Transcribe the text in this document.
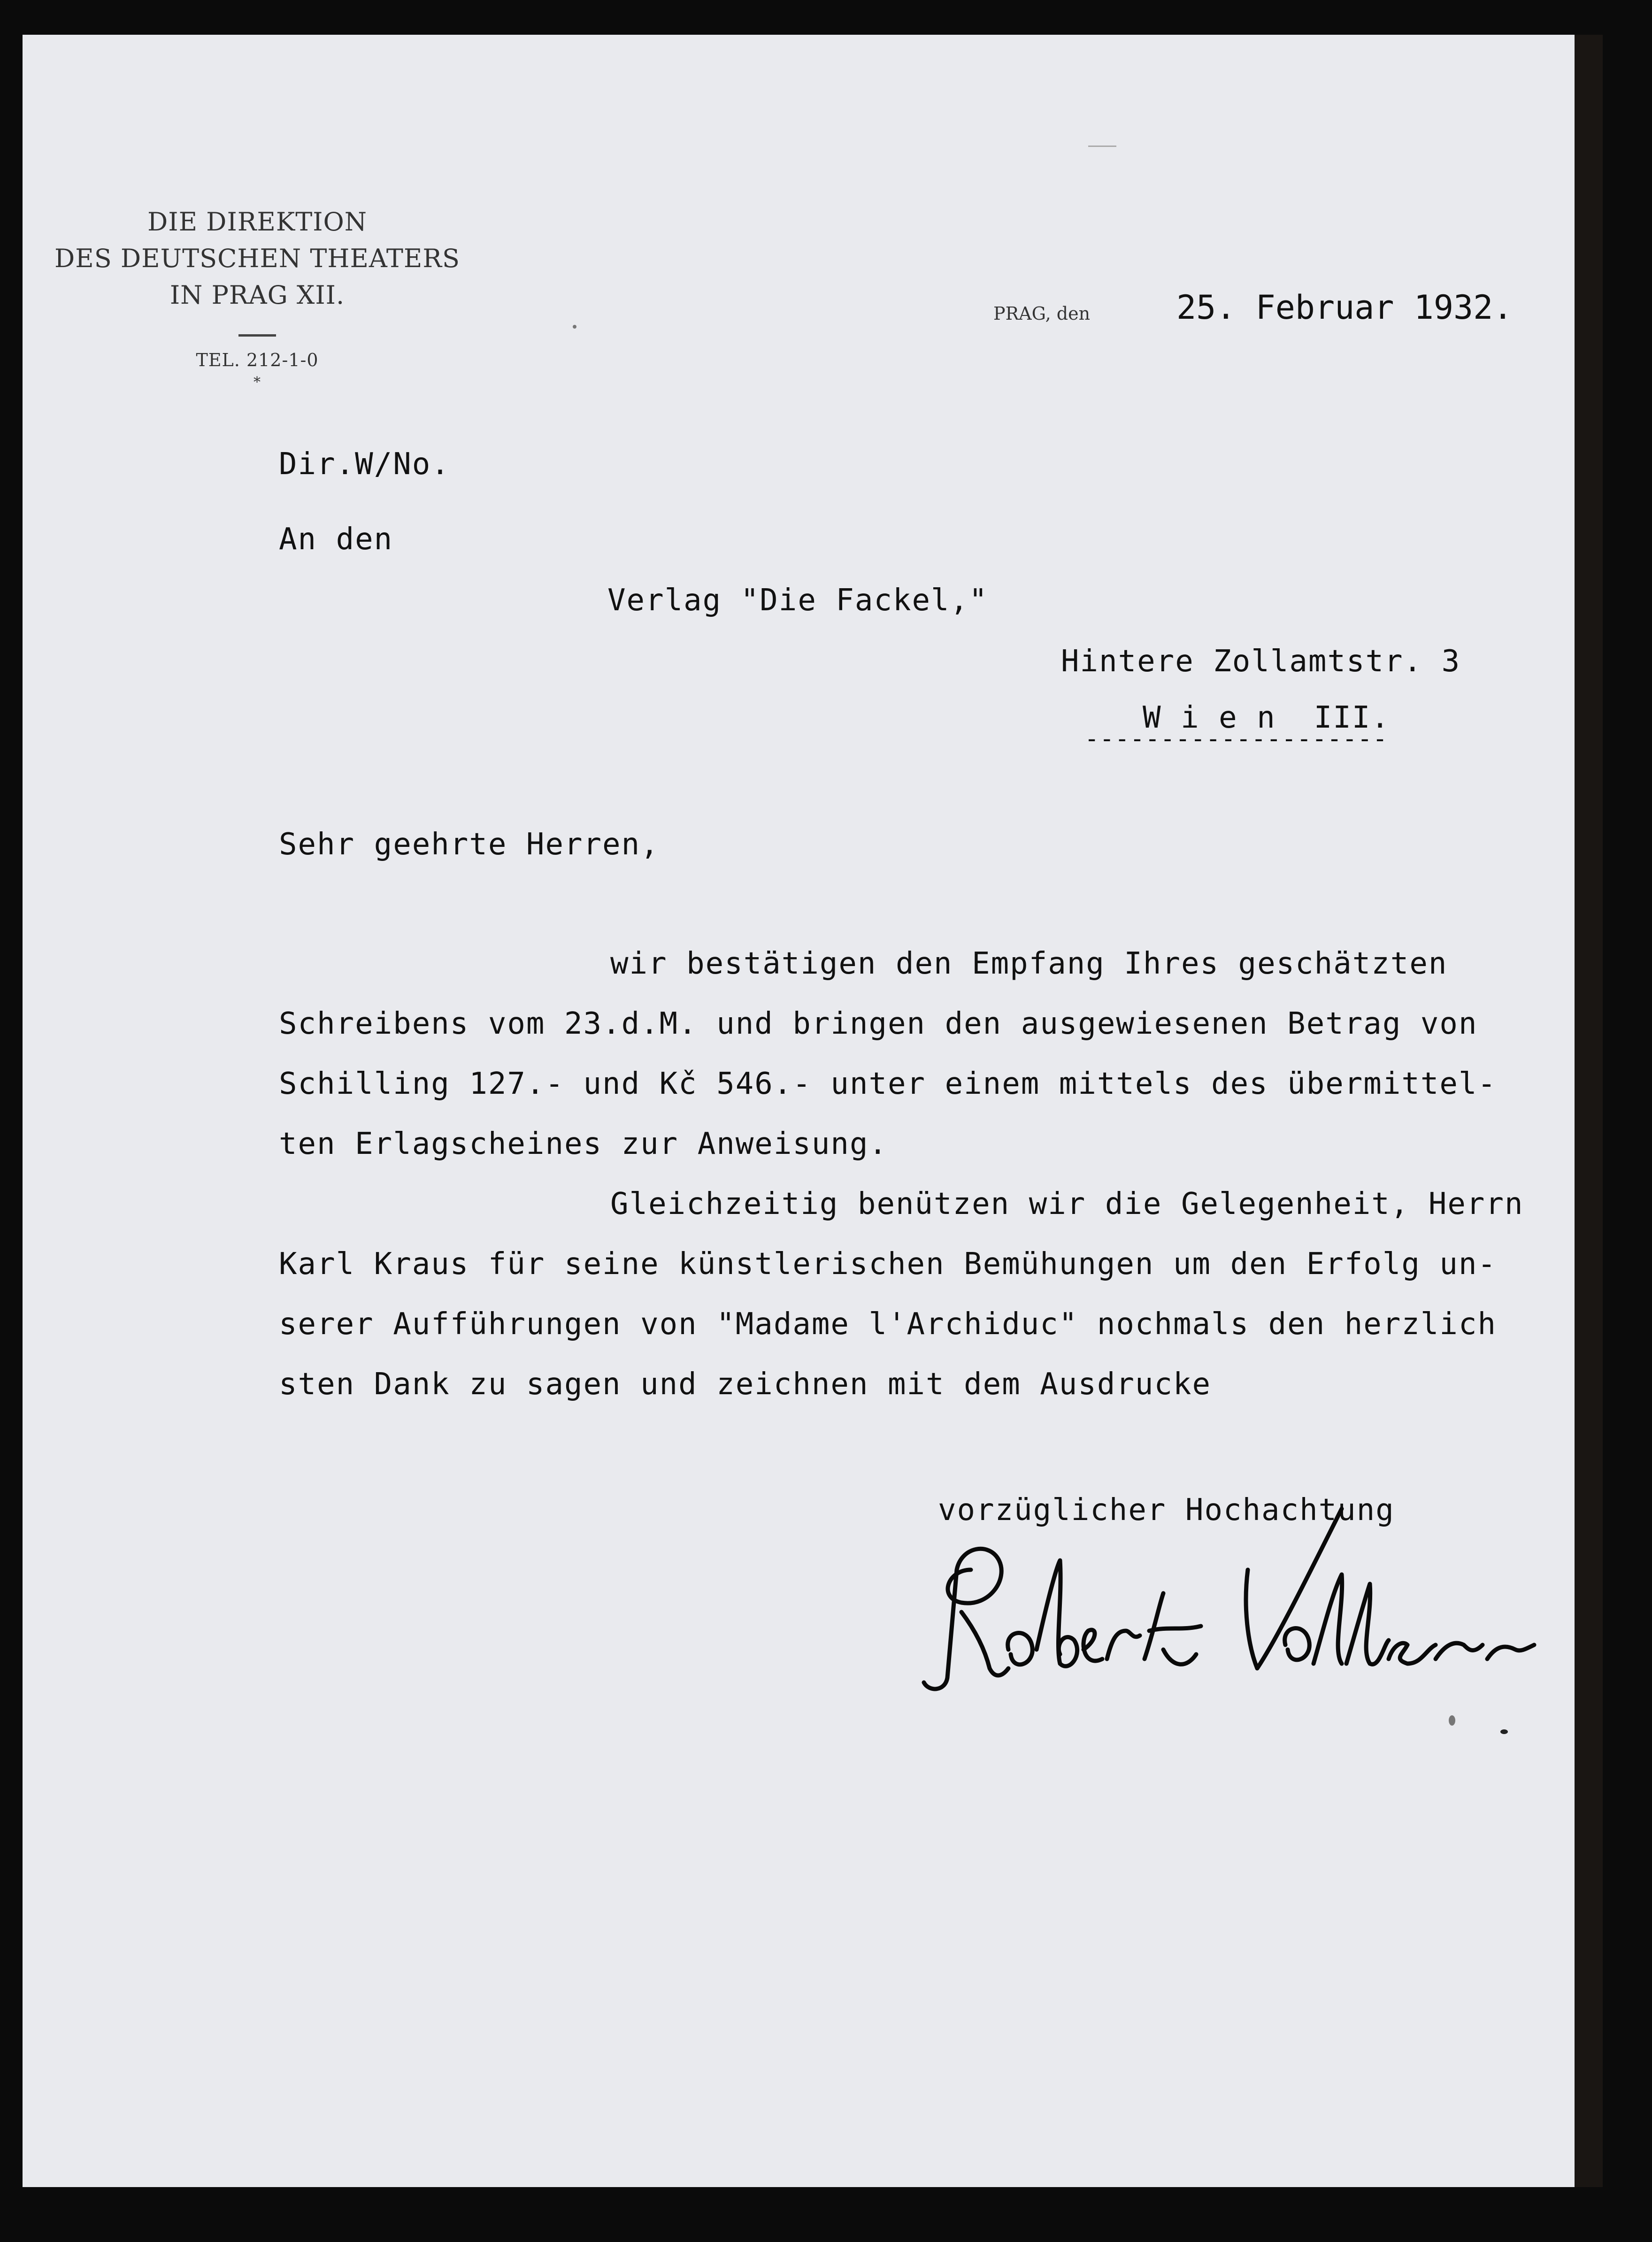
DIE DIREKTION
DES DEUTSCHEN THEATERS
IN PRAG XII.
TEL. 212-1-0
*
PRAG, den	25. Februar 1932.
Dir.W/No.
An den
Verlag "Die Fackel,"
Hintere Zollamtstr. 3
W i e n  III.
--------------------
Sehr geehrte Herren,
wir bestätigen den Empfang Ihres geschätzten
Schreibens vom 23.d.M. und bringen den ausgewiesenen Betrag von
Schilling 127.- und Kč 546.- unter einem mittels des übermittel-
ten Erlagscheines zur Anweisung.
Gleichzeitig benützen wir die Gelegenheit, Herrn
Karl Kraus für seine künstlerischen Bemühungen um den Erfolg un-
serer Aufführungen von "Madame l'Archiduc" nochmals den herzlich
sten Dank zu sagen und zeichnen mit dem Ausdrucke
vorzüglicher Hochachtung
